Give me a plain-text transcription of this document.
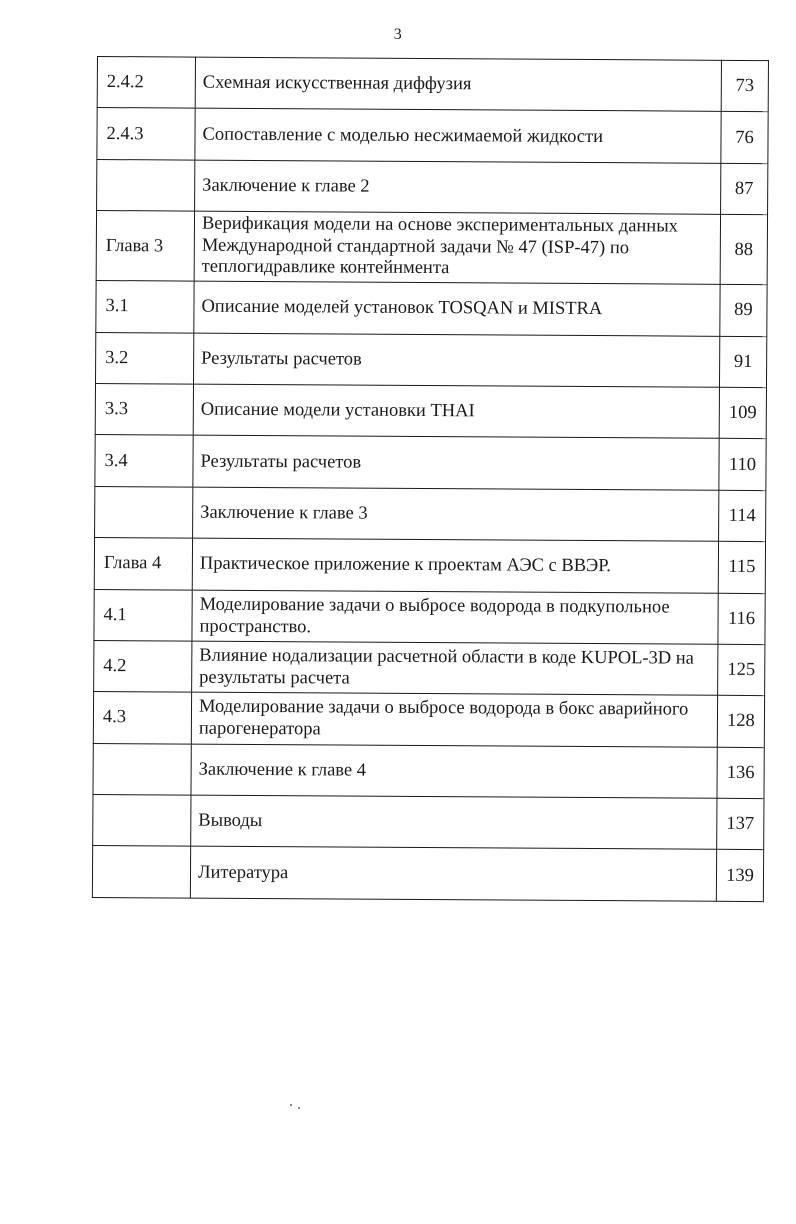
3
2.4.2	Схемная искусственная диффузия	73
2.4.3	Сопоставление с моделью несжимаемой жидкости	76
	Заключение к главе 2	87
Глава 3	Верификация модели на основе экспериментальных данных Международной стандартной задачи № 47 (ISP-47) по теплогидравлике контейнмента	88
3.1	Описание моделей установок TOSQAN и MISTRA	89
3.2	Результаты расчетов	91
3.3	Описание модели установки THAI	109
3.4	Результаты расчетов	110
	Заключение к главе 3	114
Глава 4	Практическое приложение к проектам АЭС с ВВЭР.	115
4.1	Моделирование задачи о выбросе водорода в подкупольное пространство.	116
4.2	Влияние нодализации расчетной области в коде KUPOL-3D на результаты расчета	125
4.3	Моделирование задачи о выбросе водорода в бокс аварийного парогенератора	128
	Заключение к главе 4	136
	Выводы	137
	Литература	139
